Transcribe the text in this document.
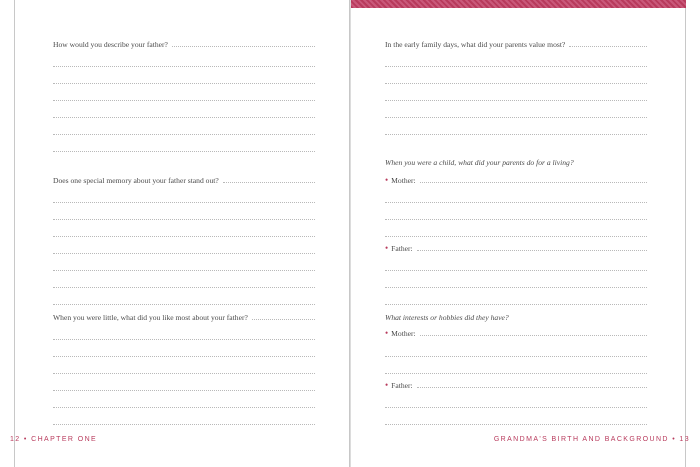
How would you describe your father?
Does one special memory about your father stand out?
When you were little, what did you like most about your father?
12 • CHAPTER ONE
In the early family days, what did your parents value most?
When you were a child, what did your parents do for a living?
• Mother:
• Father:
What interests or hobbies did they have?
• Mother:
• Father:
GRANDMA'S BIRTH AND BACKGROUND • 13
